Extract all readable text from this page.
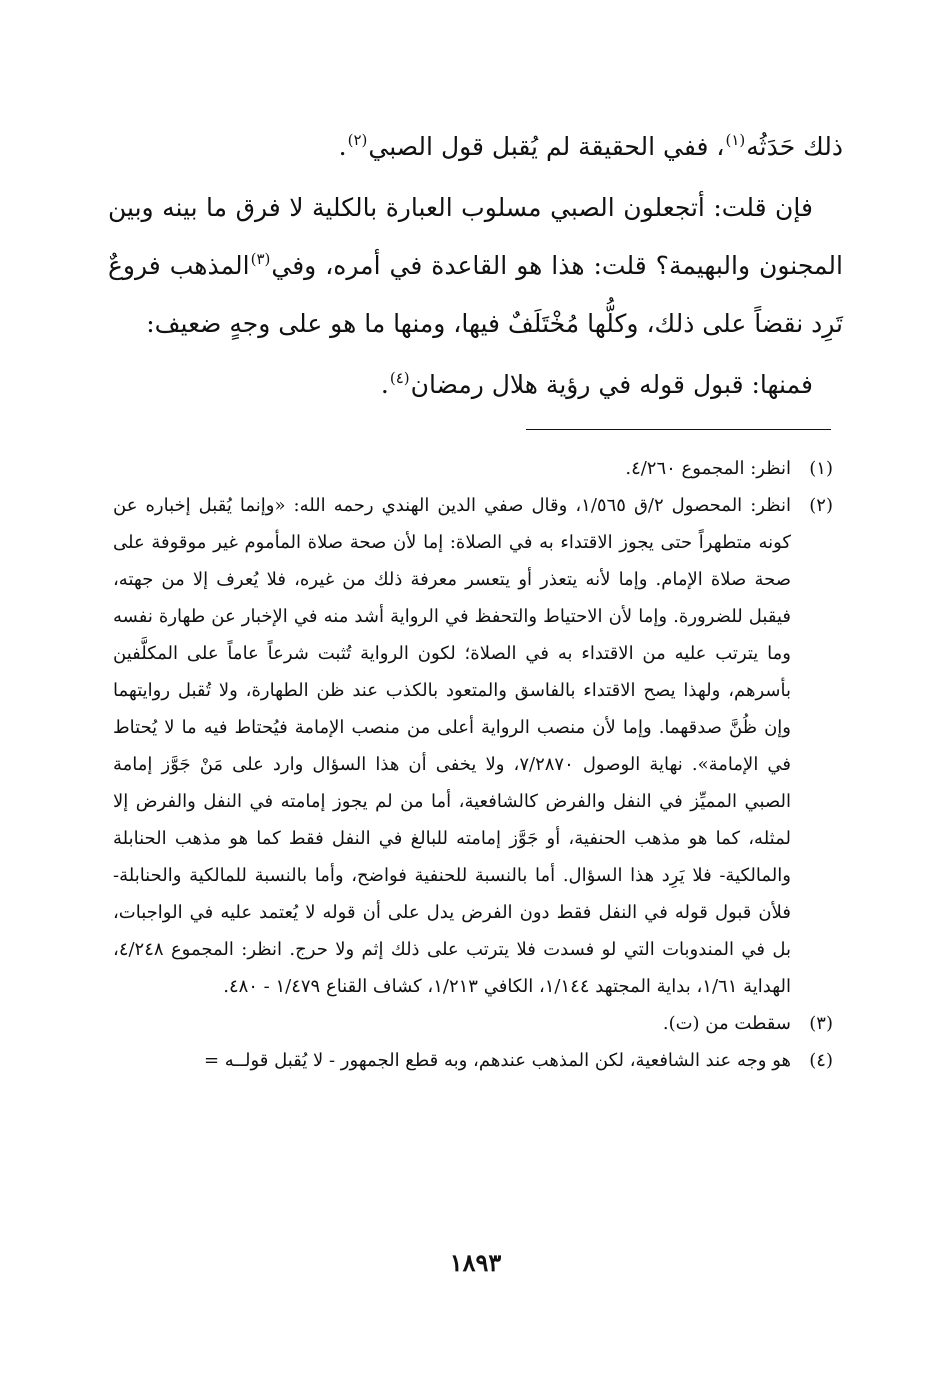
ذلك حَدَثُه$^{(١)}$، ففي الحقيقة لم يُقبل قول الصبي$^{(٢)}$.

فإن قلت: أتجعلون الصبي مسلوب العبارة بالكلية لا فرق ما بينه وبين المجنون والبهيمة؟ قلت: هذا هو القاعدة في أمره، وفي$^{(٣)}$المذهب فروعٌ تَرِد نقضاً على ذلك، وكلُّها مُخْتَلَفٌ فيها، ومنها ما هو على وجهٍ ضعيف:

فمنها: قبول قوله في رؤية هلال رمضان$^{(٤)}$.

(١)
انظر: المجموع ٤/٢٦٠.
(٢)
انظر: المحصول ٢/ق ١/٥٦٥، وقال صفي الدين الهندي رحمه الله: «وإنما يُقبل إخباره عن كونه متطهراً حتى يجوز الاقتداء به في الصلاة: إما لأن صحة صلاة المأموم غير موقوفة على صحة صلاة الإمام. وإما لأنه يتعذر أو يتعسر معرفة ذلك من غيره، فلا يُعرف إلا من جهته، فيقبل للضرورة. وإما لأن الاحتياط والتحفظ في الرواية أشد منه في الإخبار عن طهارة نفسه وما يترتب عليه من الاقتداء به في الصلاة؛ لكون الرواية تُثبت شرعاً عاماً على المكلَّفين بأسرهم، ولهذا يصح الاقتداء بالفاسق والمتعود بالكذب عند ظن الطهارة، ولا تُقبل روايتهما وإن ظُنَّ صدقهما. وإما لأن منصب الرواية أعلى من منصب الإمامة فيُحتاط فيه ما لا يُحتاط في الإمامة». نهاية الوصول ٧/٢٨٧٠، ولا يخفى أن هذا السؤال وارد على مَنْ جَوَّز إمامة الصبي المميِّز في النفل والفرض كالشافعية، أما من لم يجوز إمامته في النفل والفرض إلا لمثله، كما هو مذهب الحنفية، أو جَوَّز إمامته للبالغ في النفل فقط كما هو مذهب الحنابلة والمالكية- فلا يَرِد هذا السؤال. أما بالنسبة للحنفية فواضح، وأما بالنسبة للمالكية والحنابلة- فلأن قبول قوله في النفل فقط دون الفرض يدل على أن قوله لا يُعتمد عليه في الواجبات، بل في المندوبات التي لو فسدت فلا يترتب على ذلك إثم ولا حرج. انظر: المجموع ٤/٢٤٨، الهداية ١/٦١، بداية المجتهد ١/١٤٤، الكافي ١/٢١٣، كشاف القناع ١/٤٧٩ - ٤٨٠.
(٣)
سقطت من (ت).
(٤)
هو وجه عند الشافعية، لكن المذهب عندهم، وبه قطع الجمهور - لا يُقبل قولــه =
١٨٩٣
